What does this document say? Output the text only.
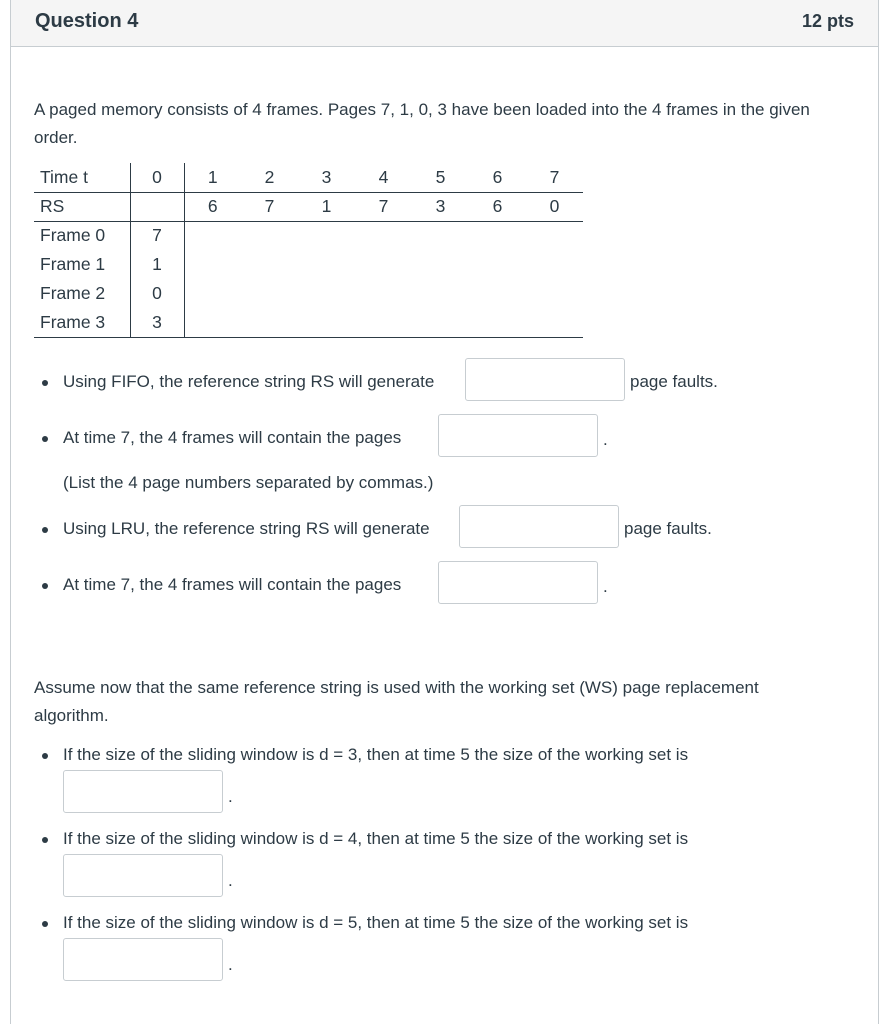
Question 4	12 pts
A paged memory consists of 4 frames. Pages 7, 1, 0, 3 have been loaded into the 4 frames in the given order.
Time t	0	1	2	3	4	5	6	7
RS		6	7	1	7	3	6	0
Frame 0	7							
Frame 1	1							
Frame 2	0							
Frame 3	3							
Using FIFO, the reference string RS will generate	page faults.
At time 7, the 4 frames will contain the pages	.
(List the 4 page numbers separated by commas.)
Using LRU, the reference string RS will generate	page faults.
At time 7, the 4 frames will contain the pages	.
Assume now that the same reference string is used with the working set (WS) page replacement algorithm.
If the size of the sliding window is d = 3, then at time 5 the size of the working set is
.
If the size of the sliding window is d = 4, then at time 5 the size of the working set is
.
If the size of the sliding window is d = 5, then at time 5 the size of the working set is
.
